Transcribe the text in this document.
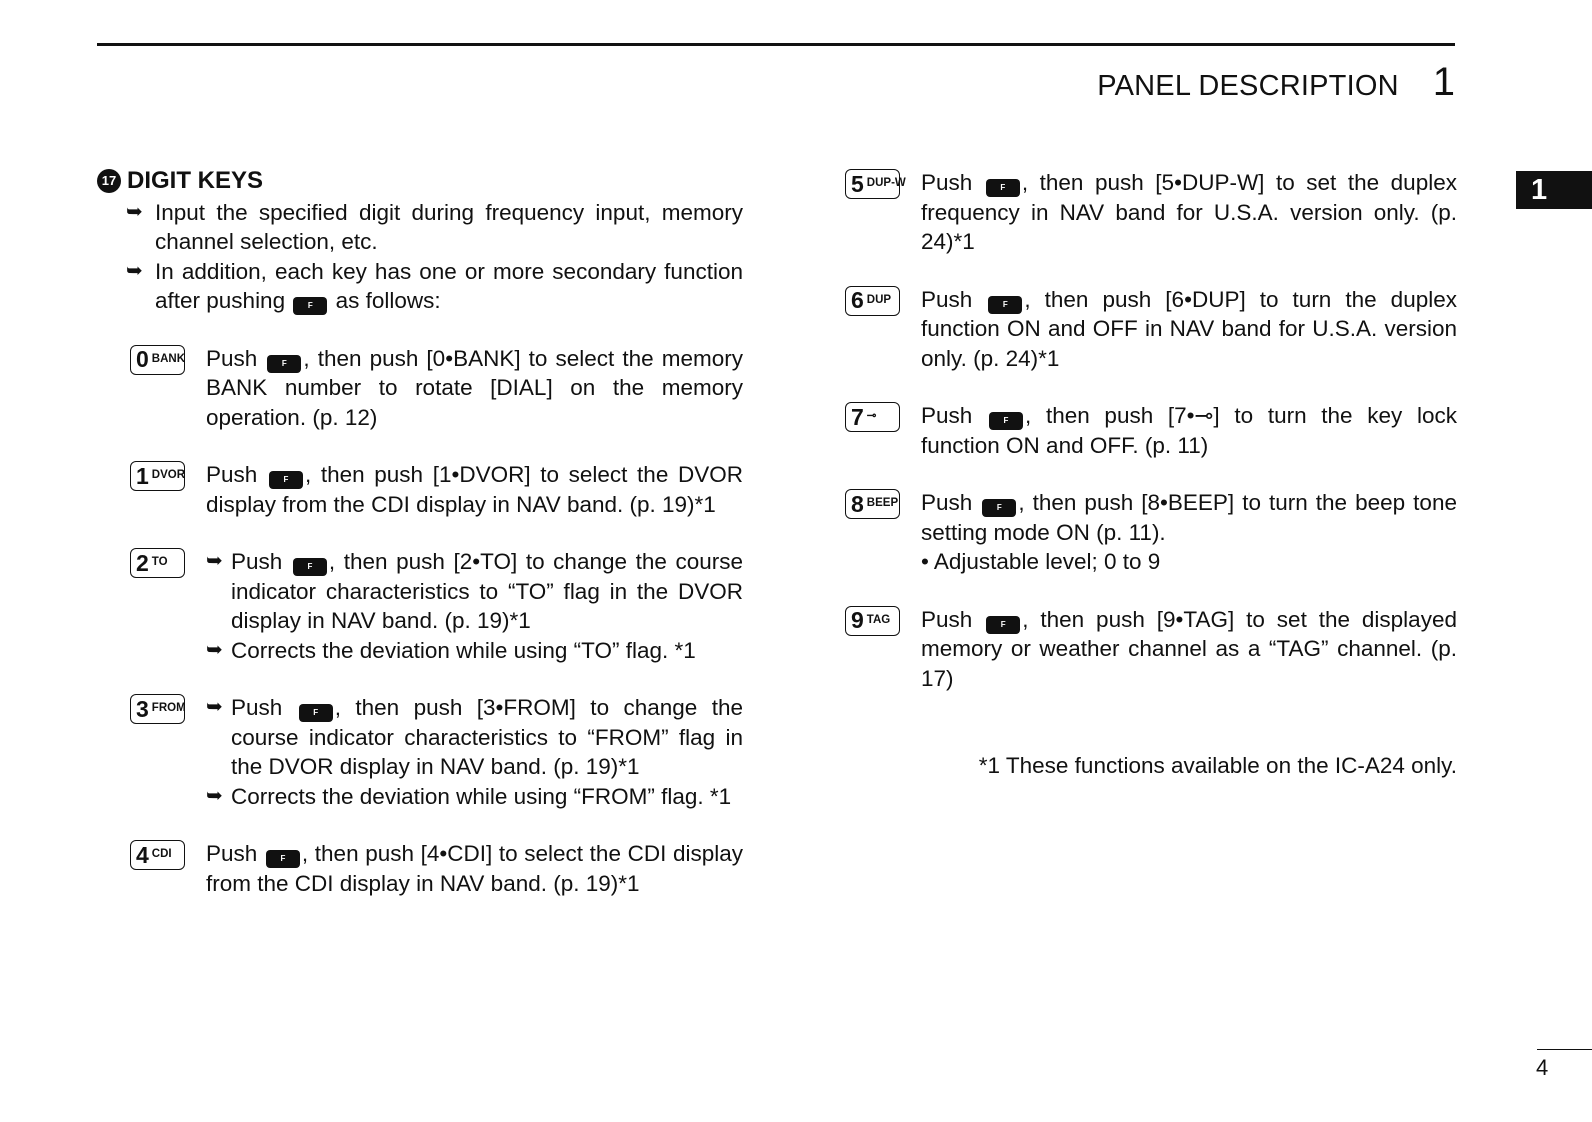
PANEL DESCRIPTION 1
1
17 DIGIT KEYS
➥ Input the specified digit during frequency input, memory channel selection, etc.
➥ In addition, each key has one or more secondary function after pushing	F as follows:
0 BANK Push	F , then push [0•BANK] to select the memory BANK number to rotate [DIAL] on the memory operation. (p. 12)
1 DVOR Push	F , then push [1•DVOR] to select the DVOR display from the CDI display in NAV band. (p. 19)*1
2 TO ➥ Push	F , then push [2•TO] to change the course indicator characteristics to “TO” flag in the DVOR display in NAV band. (p. 19)*1
➥ Corrects the deviation while using “TO” flag. *1
3 FROM ➥ Push	F , then push [3•FROM] to change the course indicator characteristics to “FROM” flag in the DVOR display in NAV band. (p. 19)*1
➥ Corrects the deviation while using “FROM” flag. *1
4 CDI Push	F , then push [4•CDI] to select the CDI display from the CDI display in NAV band. (p. 19)*1
5 DUP-W Push	F , then push [5•DUP-W] to set the duplex frequency in NAV band for U.S.A. version only. (p. 24)*1
6 DUP Push	F , then push [6•DUP] to turn the duplex function ON and OFF in NAV band for U.S.A. version only. (p. 24)*1
7 ⊸ Push	F , then push [7•⊸] to turn the key lock function ON and OFF. (p. 11)
8 BEEP Push	F , then push [8•BEEP] to turn the beep tone setting mode ON (p. 11).
• Adjustable level; 0 to 9
9 TAG Push	F , then push [9•TAG] to set the displayed memory or weather channel as a “TAG” channel. (p. 17)
*1 These functions available on the IC-A24 only.
4
